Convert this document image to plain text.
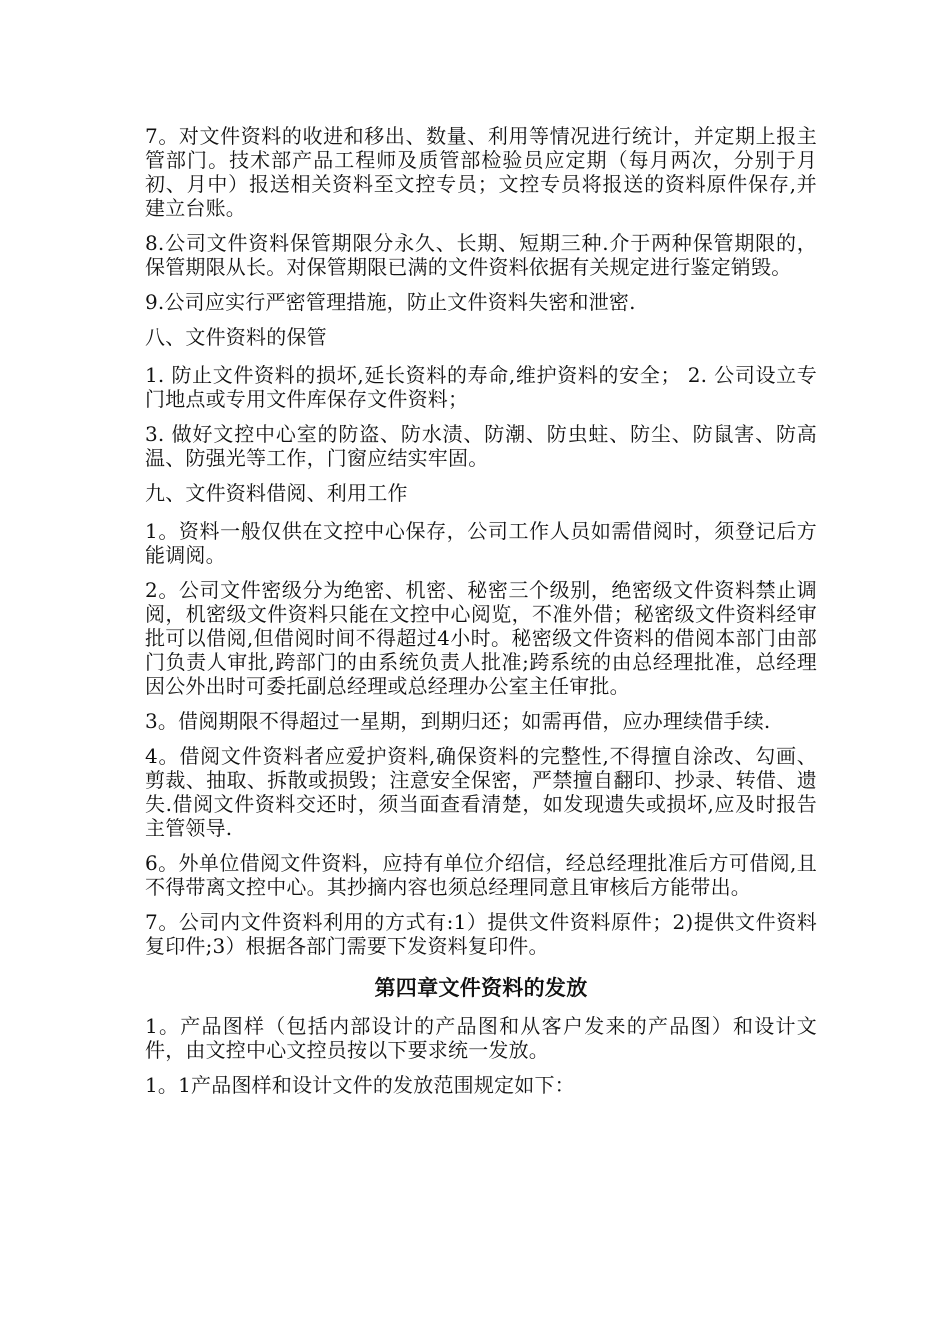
7。对文件资料的收进和移出、数量、利用等情况进行统计，并定期上报主管部门。技术部产品工程师及质管部检验员应定期（每月两次，分别于月初、月中）报送相关资料至文控专员；文控专员将报送的资料原件保存,并建立台账。

8.公司文件资料保管期限分永久、长期、短期三种.介于两种保管期限的，保管期限从长。对保管期限已满的文件资料依据有关规定进行鉴定销毁。

9.公司应实行严密管理措施，防止文件资料失密和泄密.

八、文件资料的保管

1. 防止文件资料的损坏,延长资料的寿命,维护资料的安全； 2. 公司设立专门地点或专用文件库保存文件资料；

3. 做好文控中心室的防盗、防水渍、防潮、防虫蛀、防尘、防鼠害、防高温、防强光等工作，门窗应结实牢固。

九、文件资料借阅、利用工作

1。资料一般仅供在文控中心保存，公司工作人员如需借阅时，须登记后方能调阅。

2。公司文件密级分为绝密、机密、秘密三个级别，绝密级文件资料禁止调阅，机密级文件资料只能在文控中心阅览，不准外借；秘密级文件资料经审批可以借阅,但借阅时间不得超过4小时。秘密级文件资料的借阅本部门由部门负责人审批,跨部门的由系统负责人批准;跨系统的由总经理批准，总经理因公外出时可委托副总经理或总经理办公室主任审批。

3。借阅期限不得超过一星期，到期归还；如需再借，应办理续借手续.

4。借阅文件资料者应爱护资料,确保资料的完整性,不得擅自涂改、勾画、剪裁、抽取、拆散或损毁；注意安全保密，严禁擅自翻印、抄录、转借、遗失.借阅文件资料交还时，须当面查看清楚，如发现遗失或损坏,应及时报告主管领导.

6。外单位借阅文件资料，应持有单位介绍信，经总经理批准后方可借阅,且不得带离文控中心。其抄摘内容也须总经理同意且审核后方能带出。

7。公司内文件资料利用的方式有:1）提供文件资料原件；2)提供文件资料复印件;3）根据各部门需要下发资料复印件。

第四章文件资料的发放

1。产品图样（包括内部设计的产品图和从客户发来的产品图）和设计文件，由文控中心文控员按以下要求统一发放。

1。1产品图样和设计文件的发放范围规定如下：
